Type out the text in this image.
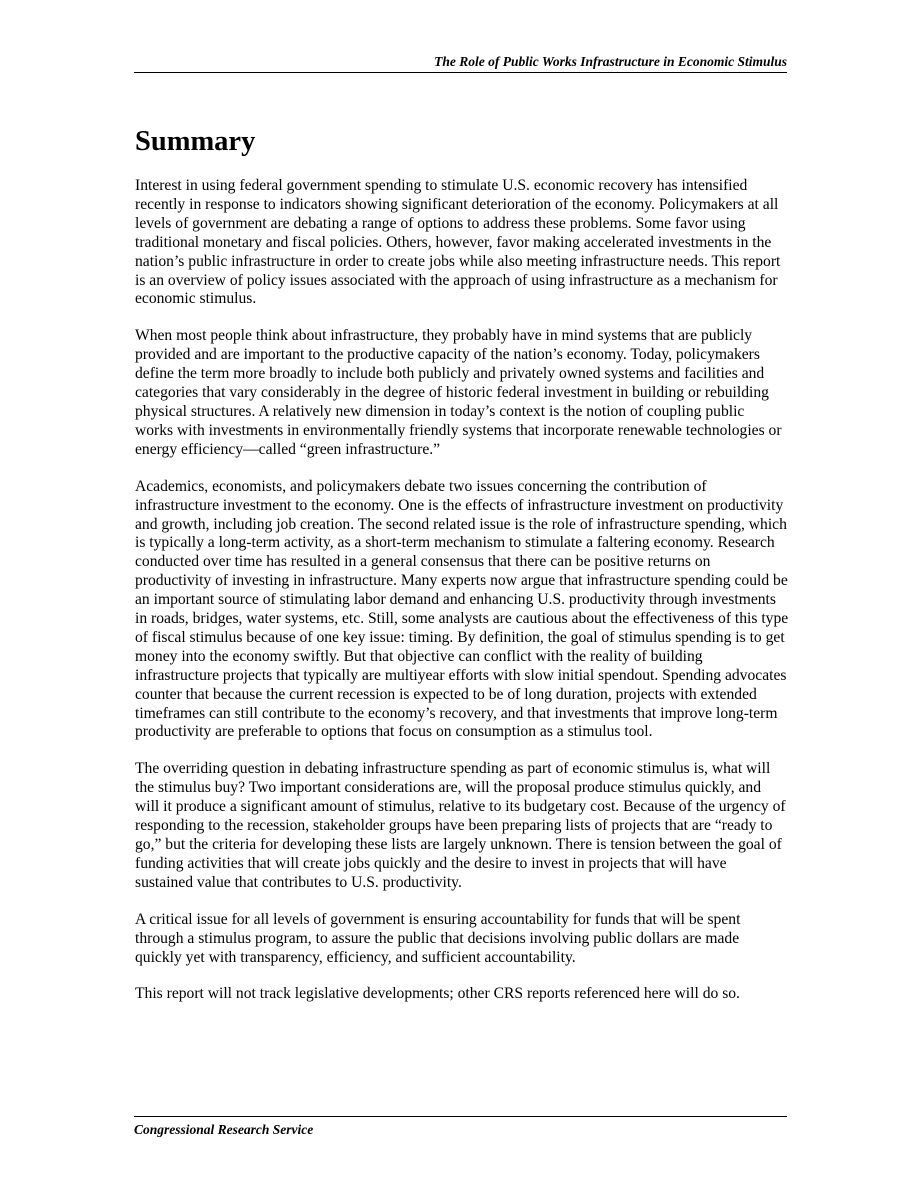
The Role of Public Works Infrastructure in Economic Stimulus
Summary

Interest in using federal government spending to stimulate U.S. economic recovery has intensified recently in response to indicators showing significant deterioration of the economy. Policymakers at all levels of government are debating a range of options to address these problems. Some favor using traditional monetary and fiscal policies. Others, however, favor making accelerated investments in the nation’s public infrastructure in order to create jobs while also meeting infrastructure needs. This report is an overview of policy issues associated with the approach of using infrastructure as a mechanism for economic stimulus.

When most people think about infrastructure, they probably have in mind systems that are publicly provided and are important to the productive capacity of the nation’s economy. Today, policymakers define the term more broadly to include both publicly and privately owned systems and facilities and categories that vary considerably in the degree of historic federal investment in building or rebuilding physical structures. A relatively new dimension in today’s context is the notion of coupling public works with investments in environmentally friendly systems that incorporate renewable technologies or energy efficiency—called “green infrastructure.”

Academics, economists, and policymakers debate two issues concerning the contribution of infrastructure investment to the economy. One is the effects of infrastructure investment on productivity and growth, including job creation. The second related issue is the role of infrastructure spending, which is typically a long-term activity, as a short-term mechanism to stimulate a faltering economy. Research conducted over time has resulted in a general consensus that there can be positive returns on productivity of investing in infrastructure. Many experts now argue that infrastructure spending could be an important source of stimulating labor demand and enhancing U.S. productivity through investments in roads, bridges, water systems, etc. Still, some analysts are cautious about the effectiveness of this type of fiscal stimulus because of one key issue: timing. By definition, the goal of stimulus spending is to get money into the economy swiftly. But that objective can conflict with the reality of building infrastructure projects that typically are multiyear efforts with slow initial spendout. Spending advocates counter that because the current recession is expected to be of long duration, projects with extended timeframes can still contribute to the economy’s recovery, and that investments that improve long-term productivity are preferable to options that focus on consumption as a stimulus tool.

The overriding question in debating infrastructure spending as part of economic stimulus is, what will the stimulus buy? Two important considerations are, will the proposal produce stimulus quickly, and will it produce a significant amount of stimulus, relative to its budgetary cost. Because of the urgency of responding to the recession, stakeholder groups have been preparing lists of projects that are “ready to go,” but the criteria for developing these lists are largely unknown. There is tension between the goal of funding activities that will create jobs quickly and the desire to invest in projects that will have sustained value that contributes to U.S. productivity.

A critical issue for all levels of government is ensuring accountability for funds that will be spent through a stimulus program, to assure the public that decisions involving public dollars are made quickly yet with transparency, efficiency, and sufficient accountability.

This report will not track legislative developments; other CRS reports referenced here will do so.

Congressional Research Service
